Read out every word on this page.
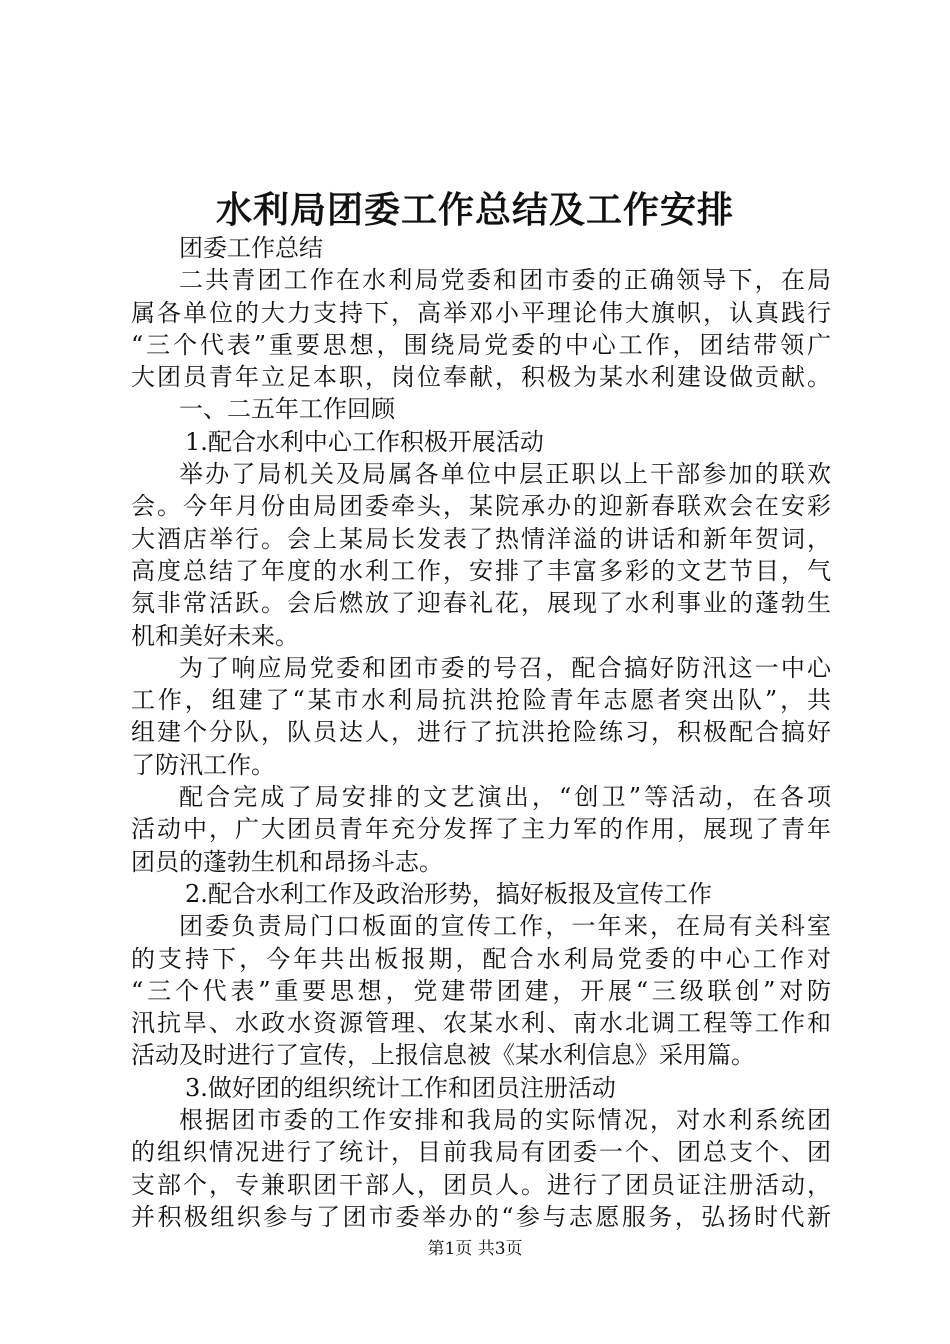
水利局团委工作总结及工作安排
团委工作总结
二共青团工作在水利局党委和团市委的正确领导下，在局
属各单位的大力支持下，高举邓小平理论伟大旗帜，认真践行
“三个代表”重要思想，围绕局党委的中心工作，团结带领广
大团员青年立足本职，岗位奉献，积极为某水利建设做贡献。
一、二五年工作回顾
1.配合水利中心工作积极开展活动
举办了局机关及局属各单位中层正职以上干部参加的联欢
会。今年月份由局团委牵头，某院承办的迎新春联欢会在安彩
大酒店举行。会上某局长发表了热情洋溢的讲话和新年贺词，
高度总结了年度的水利工作，安排了丰富多彩的文艺节目，气
氛非常活跃。会后燃放了迎春礼花，展现了水利事业的蓬勃生
机和美好未来。
为了响应局党委和团市委的号召，配合搞好防汛这一中心
工作，组建了“某市水利局抗洪抢险青年志愿者突出队”，共
组建个分队，队员达人，进行了抗洪抢险练习，积极配合搞好
了防汛工作。
配合完成了局安排的文艺演出，“创卫”等活动，在各项
活动中，广大团员青年充分发挥了主力军的作用，展现了青年
团员的蓬勃生机和昂扬斗志。
2.配合水利工作及政治形势，搞好板报及宣传工作
团委负责局门口板面的宣传工作，一年来，在局有关科室
的支持下，今年共出板报期，配合水利局党委的中心工作对
“三个代表”重要思想，党建带团建，开展“三级联创”对防
汛抗旱、水政水资源管理、农某水利、南水北调工程等工作和
活动及时进行了宣传，上报信息被《某水利信息》采用篇。
3.做好团的组织统计工作和团员注册活动
根据团市委的工作安排和我局的实际情况，对水利系统团
的组织情况进行了统计，目前我局有团委一个、团总支个、团
支部个，专兼职团干部人，团员人。进行了团员证注册活动，
并积极组织参与了团市委举办的“参与志愿服务，弘扬时代新
第1页 共3页
